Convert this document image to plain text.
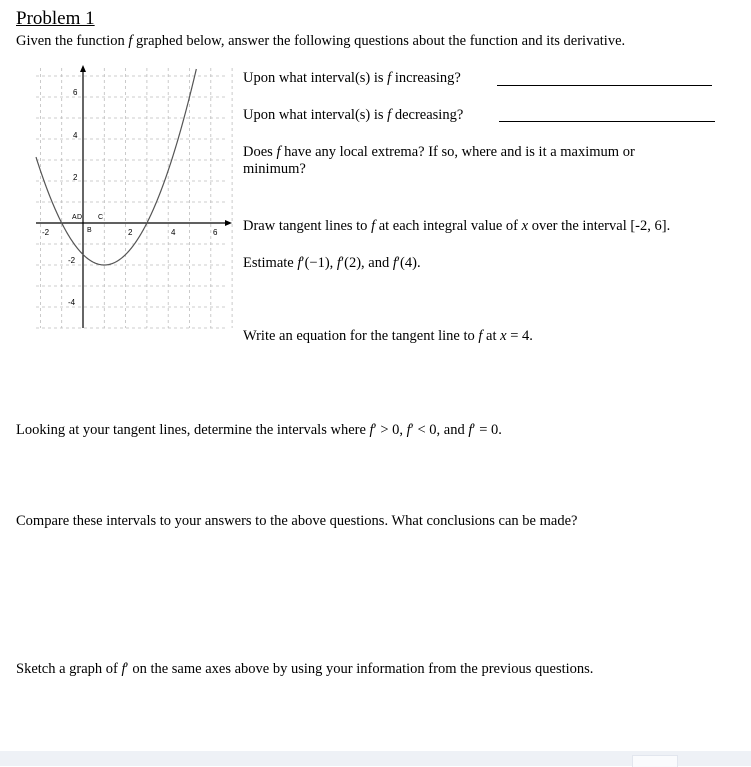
Problem 1
Given the function f graphed below, answer the following questions about the function and its derivative.
-2	2	4	6
6
4
2
-2
-4
A
B
C
D
Upon what interval(s) is f increasing?
Upon what interval(s) is f decreasing?
Does f have any local extrema? If so, where and is it a maximum or
minimum?
Draw tangent lines to f at each integral value of x over the interval [-2, 6].
Estimate f′(−1), f′(2), and f′(4).
Write an equation for the tangent line to f at x = 4.
Looking at your tangent lines, determine the intervals where f′ > 0, f′ < 0, and f′ = 0.
Compare these intervals to your answers to the above questions. What conclusions can be made?
Sketch a graph of f′ on the same axes above by using your information from the previous questions.
